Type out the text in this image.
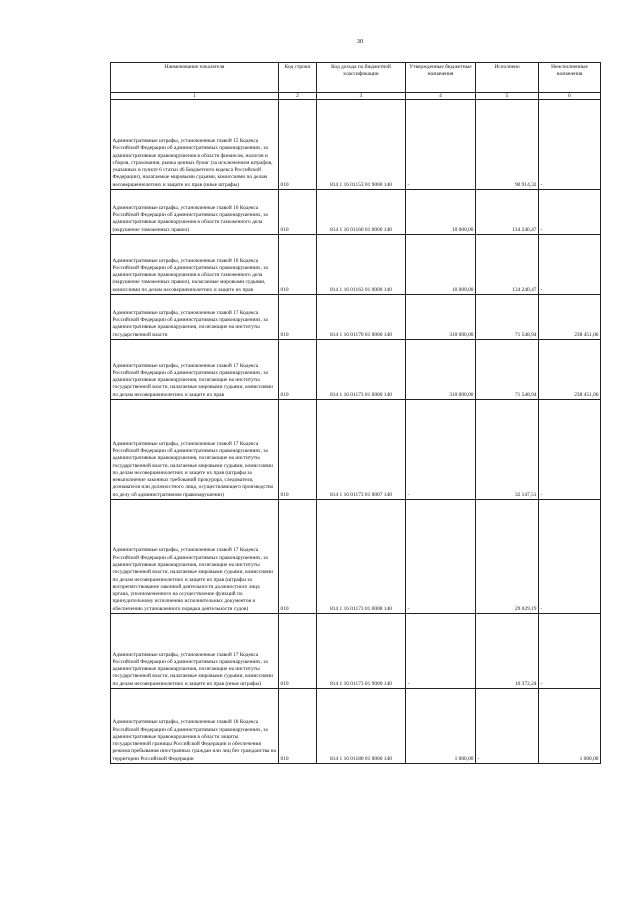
30
Наименование показателя	Код строки	Код дохода по бюджетной классификации	Утвержденные бюджетные назначения	Исполнено	Неисполненные назначения
1	2	3	4	5	6
Административные штрафы, установленные главой 15 Кодекса Российской Федерации об административных правонарушениях, за административные правонарушения в области финансов, налогов и сборов, страхования, рынка ценных бумаг (за исключением штрафов, указанных в пункте 6 статьи 46 Бюджетного кодекса Российской Федерации), налагаемые мировыми судьями, комиссиями по делам несовершеннолетних и защите их прав (иные штрафы)	010	814 1 16 01153 01 9000 140	-	90 914,32	-
Административные штрафы, установленные главой 16 Кодекса Российской Федерации об административных правонарушениях, за административные правонарушения в области таможенного дела (нарушение таможенных правил)	010	814 1 16 01160 01 0000 140	10 000,00	134 240,47	-
Административные штрафы, установленные главой 16 Кодекса Российской Федерации об административных правонарушениях, за административные правонарушения в области таможенного дела (нарушение таможенных правил), налагаемые мировыми судьями, комиссиями по делам несовершеннолетних и защите их прав	010	814 1 16 01163 01 0000 140	10 000,00	134 240,47	-
Административные штрафы, установленные главой 17 Кодекса Российской Федерации об административных правонарушениях, за административные правонарушения, посягающие на институты государственной власти	010	814 1 16 01170 01 0000 140	310 000,00	71 548,94	238 451,06
Административные штрафы, установленные главой 17 Кодекса Российской Федерации об административных правонарушениях, за административные правонарушения, посягающие на институты государственной власти, налагаемые мировыми судьями, комиссиями по делам несовершеннолетних и защите их прав	010	814 1 16 01173 01 0000 140	310 000,00	71 548,94	238 451,06
Административные штрафы, установленные главой 17 Кодекса Российской Федерации об административных правонарушениях, за административные правонарушения, посягающие на институты государственной власти, налагаемые мировыми судьями, комиссиями по делам несовершеннолетних и защите их прав (штрафы за невыполнение законных требований прокурора, следователя, дознавателя или должностного лица, осуществляющего производство по делу об административном правонарушении)	010	814 1 16 01173 01 0007 140	-	32 147,51	-
Административные штрафы, установленные главой 17 Кодекса Российской Федерации об административных правонарушениях, за административные правонарушения, посягающие на институты государственной власти, налагаемые мировыми судьями, комиссиями по делам несовершеннолетних и защите их прав (штрафы за воспрепятствование законной деятельности должностного лица органа, уполномоченного на осуществление функций по принудительному исполнению исполнительных документов и обеспечению установленного порядка деятельности судов)	010	814 1 16 01173 01 0008 140	-	29 029,19	-
Административные штрафы, установленные главой 17 Кодекса Российской Федерации об административных правонарушениях, за административные правонарушения, посягающие на институты государственной власти, налагаемые мировыми судьями, комиссиями по делам несовершеннолетних и защите их прав (иные штрафы)	010	814 1 16 01173 01 9000 140	-	10 372,24	-
Административные штрафы, установленные главой 18 Кодекса Российской Федерации об административных правонарушениях, за административные правонарушения в области защиты государственной границы Российской Федерации и обеспечения режима пребывания иностранных граждан или лиц без гражданства на территории Российской Федерации	010	814 1 16 01180 01 0000 140	1 000,00	-	1 000,00
